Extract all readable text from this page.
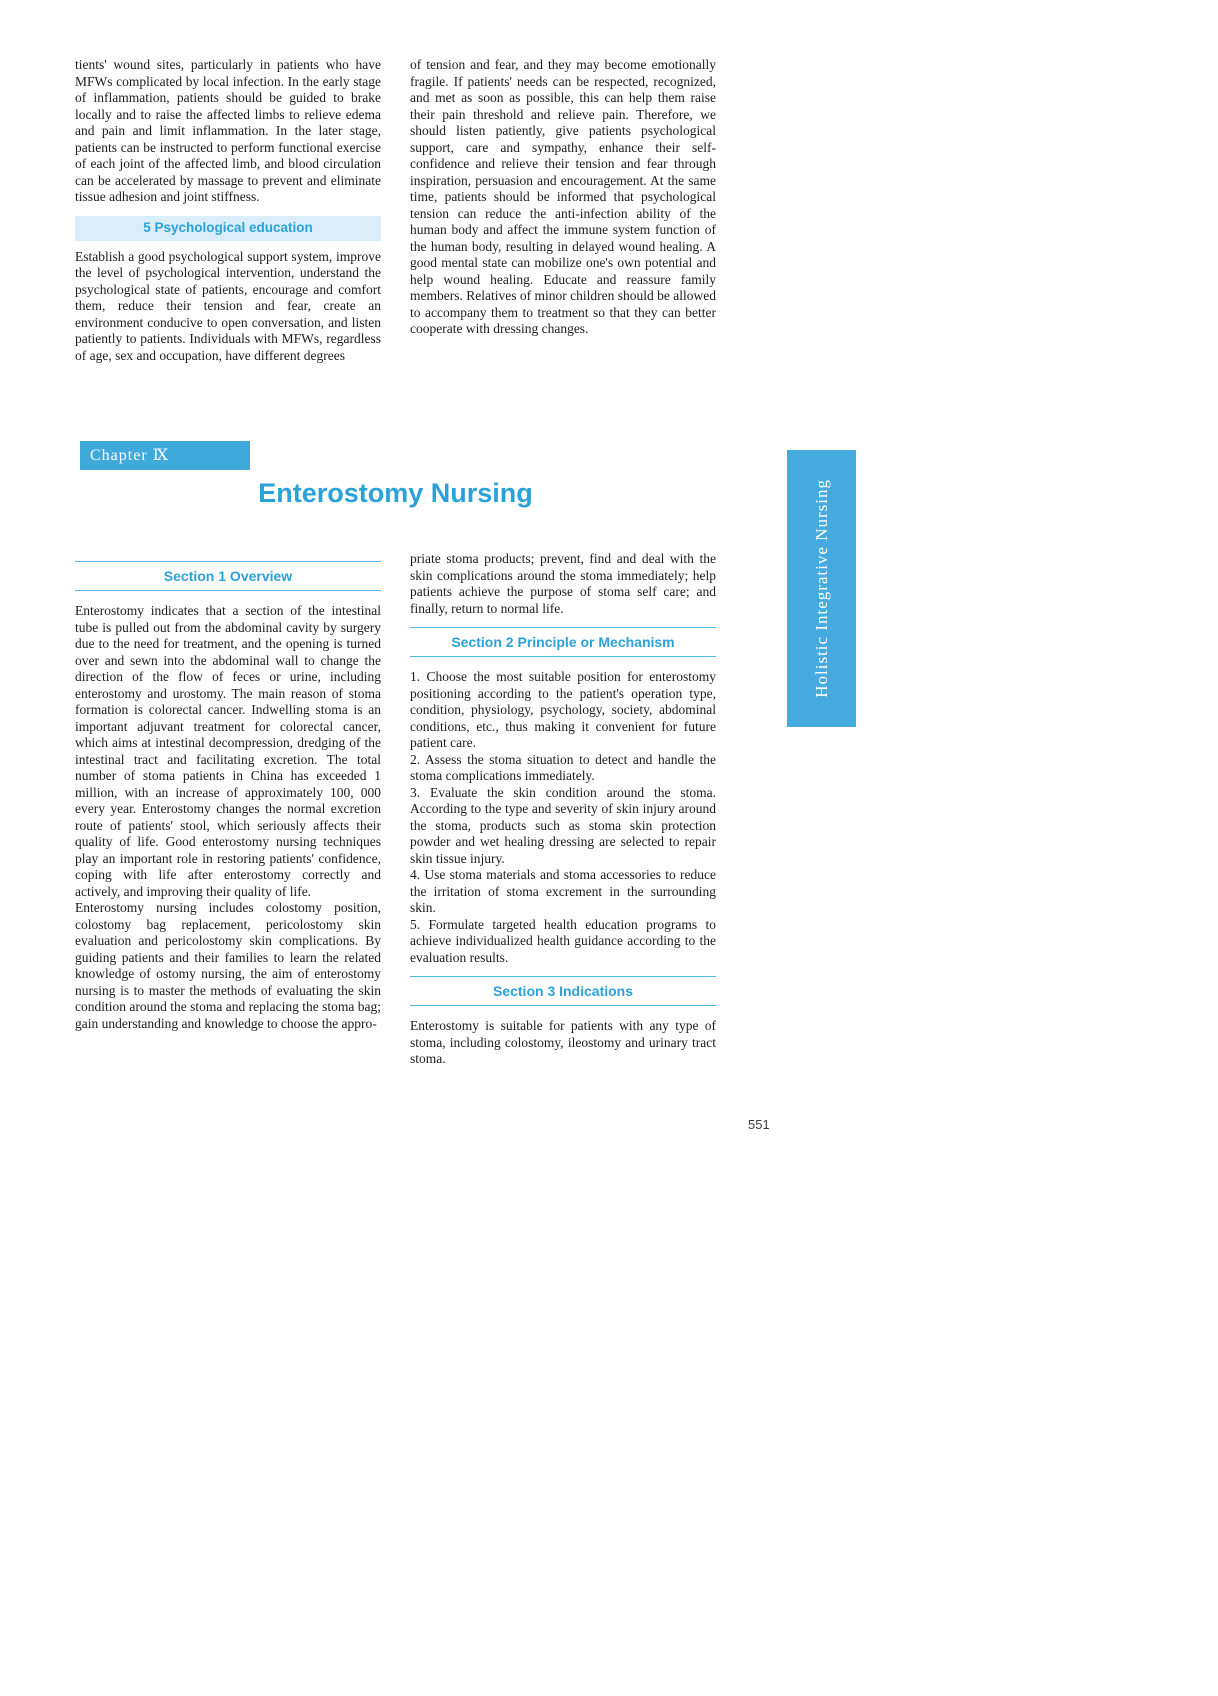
tients' wound sites, particularly in patients who have MFWs complicated by local infection. In the early stage of inflammation, patients should be guided to brake locally and to raise the affected limbs to relieve edema and pain and limit inflammation. In the later stage, patients can be instructed to perform functional exercise of each joint of the affected limb, and blood circulation can be accelerated by massage to prevent and eliminate tissue adhesion and joint stiffness.
5 Psychological education
Establish a good psychological support system, improve the level of psychological intervention, understand the psychological state of patients, encourage and comfort them, reduce their tension and fear, create an environment conducive to open conversation, and listen patiently to patients. Individuals with MFWs, regardless of age, sex and occupation, have different degrees
of tension and fear, and they may become emotionally fragile. If patients' needs can be respected, recognized, and met as soon as possible, this can help them raise their pain threshold and relieve pain. Therefore, we should listen patiently, give patients psychological support, care and sympathy, enhance their self-confidence and relieve their tension and fear through inspiration, persuasion and encouragement. At the same time, patients should be informed that psychological tension can reduce the anti-infection ability of the human body and affect the immune system function of the human body, resulting in delayed wound healing. A good mental state can mobilize one's own potential and help wound healing. Educate and reassure family members. Relatives of minor children should be allowed to accompany them to treatment so that they can better cooperate with dressing changes.
Chapter Ⅸ
Enterostomy Nursing
Section 1 Overview
Enterostomy indicates that a section of the intestinal tube is pulled out from the abdominal cavity by surgery due to the need for treatment, and the opening is turned over and sewn into the abdominal wall to change the direction of the flow of feces or urine, including enterostomy and urostomy. The main reason of stoma formation is colorectal cancer. Indwelling stoma is an important adjuvant treatment for colorectal cancer, which aims at intestinal decompression, dredging of the intestinal tract and facilitating excretion. The total number of stoma patients in China has exceeded 1 million, with an increase of approximately 100, 000 every year. Enterostomy changes the normal excretion route of patients' stool, which seriously affects their quality of life. Good enterostomy nursing techniques play an important role in restoring patients' confidence, coping with life after enterostomy correctly and actively, and improving their quality of life.
Enterostomy nursing includes colostomy position, colostomy bag replacement, pericolostomy skin evaluation and pericolostomy skin complications. By guiding patients and their families to learn the related knowledge of ostomy nursing, the aim of enterostomy nursing is to master the methods of evaluating the skin condition around the stoma and replacing the stoma bag; gain understanding and knowledge to choose the appro-
priate stoma products; prevent, find and deal with the skin complications around the stoma immediately; help patients achieve the purpose of stoma self care; and finally, return to normal life.
Section 2 Principle or Mechanism
1. Choose the most suitable position for enterostomy positioning according to the patient's operation type, condition, physiology, psychology, society, abdominal conditions, etc., thus making it convenient for future patient care.
2. Assess the stoma situation to detect and handle the stoma complications immediately.
3. Evaluate the skin condition around the stoma. According to the type and severity of skin injury around the stoma, products such as stoma skin protection powder and wet healing dressing are selected to repair skin tissue injury.
4. Use stoma materials and stoma accessories to reduce the irritation of stoma excrement in the surrounding skin.
5. Formulate targeted health education programs to achieve individualized health guidance according to the evaluation results.
Section 3 Indications
Enterostomy is suitable for patients with any type of stoma, including colostomy, ileostomy and urinary tract stoma.
Holistic Integrative Nursing
551
